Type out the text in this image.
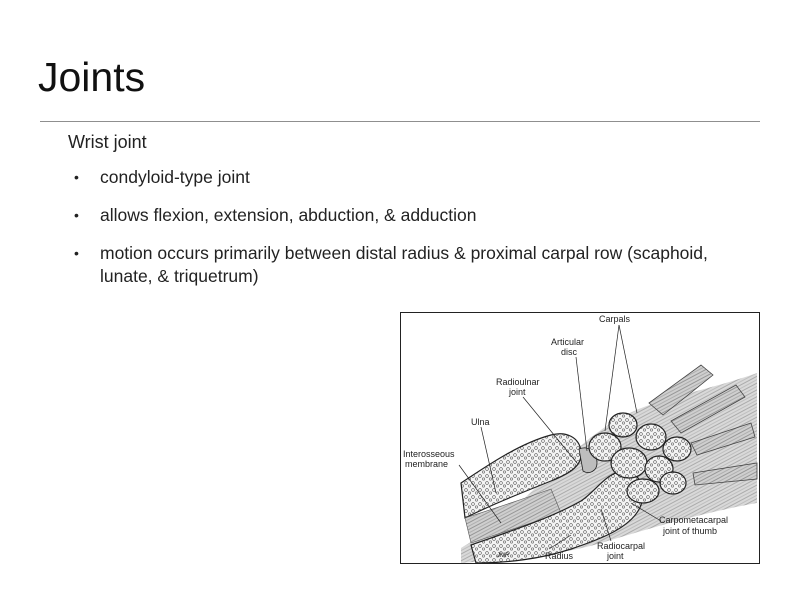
Joints
Wrist joint
• condyloid-type joint
• allows flexion, extension, abduction, & adduction
• motion occurs primarily between distal radius & proximal carpal row (scaphoid, lunate, & triquetrum)
Carpals
Articular
disc
Radioulnar
joint
Ulna
Interosseous
membrane
Carpometacarpal
joint of thumb
Radius
Radiocarpal
joint
JMR
